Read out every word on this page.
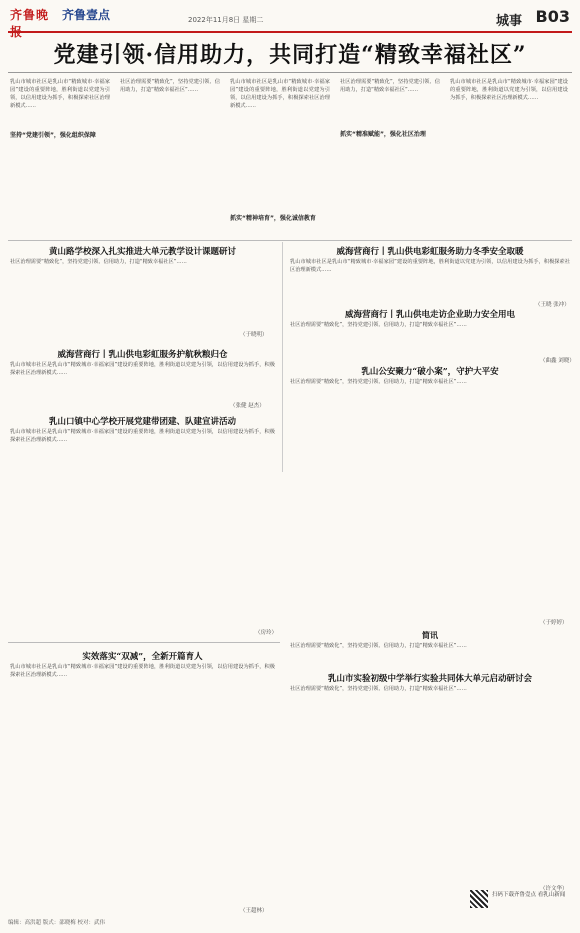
齐鲁晚	齐鲁壹点	2022年11月8日 星期二	城事 B03
党建引领·信用助力，共同打造“精致幸福社区”
乳山市城市社区是乳山市“精致城市·幸福家园”建设的重要阵地，胜利街道以党建为引领，以信用建设为抓手，积极探索社区治理新模式……
坚持“党建引领”，强化组织保障
社区治理需要“精致化”，坚持党建引领、信用助力，打造“精致幸福社区”……
抓实“精神培育”，强化诚信教育
乳山市城市社区是乳山市“精致城市·幸福家园”建设的重要阵地，胜利街道以党建为引领，以信用建设为抓手，积极探索社区治理新模式……
社区治理需要“精致化”，坚持党建引领、信用助力，打造“精致幸福社区”……
抓实“精准赋能”，强化社区治理
乳山市城市社区是乳山市“精致城市·幸福家园”建设的重要阵地，胜利街道以党建为引领，以信用建设为抓手，积极探索社区治理新模式……
黄山路学校深入扎实推进大单元教学设计课题研讨
社区治理需要“精致化”，坚持党建引领、信用助力，打造“精致幸福社区”……
（于晓明）
威海营商行丨乳山供电彩虹服务助力冬季安全取暖
乳山市城市社区是乳山市“精致城市·幸福家园”建设的重要阵地，胜利街道以党建为引领，以信用建设为抓手，积极探索社区治理新模式……
（王晓 张冲）
威海营商行丨乳山供电走访企业助力安全用电
社区治理需要“精致化”，坚持党建引领、信用助力，打造“精致幸福社区”……
（曲鑫 刘晓）
威海营商行丨乳山供电彩虹服务护航秋粮归仓
乳山市城市社区是乳山市“精致城市·幸福家园”建设的重要阵地，胜利街道以党建为引领，以信用建设为抓手，积极探索社区治理新模式……
（张健 赵杰）
乳山公安聚力“破小案”，守护大平安
社区治理需要“精致化”，坚持党建引领、信用助力，打造“精致幸福社区”……
（于婷婷）
乳山口镇中心学校开展党建带团建、队建宣讲活动
乳山市城市社区是乳山市“精致城市·幸福家园”建设的重要阵地，胜利街道以党建为引领，以信用建设为抓手，积极探索社区治理新模式……
（房玲）	简讯
社区治理需要“精致化”，坚持党建引领、信用助力，打造“精致幸福社区”……
实效落实“双减”，全新开篇育人
乳山市城市社区是乳山市“精致城市·幸福家园”建设的重要阵地，胜利街道以党建为引领，以信用建设为抓手，积极探索社区治理新模式……
（王超林）
乳山市实验初级中学举行实验共同体大单元启动研讨会
社区治理需要“精致化”，坚持党建引领、信用助力，打造“精致幸福社区”……
（许文华）
扫码下载齐鲁壹点 看乳山新闻
编辑：高洪超 版式：邵晓梅 校对：武伟
